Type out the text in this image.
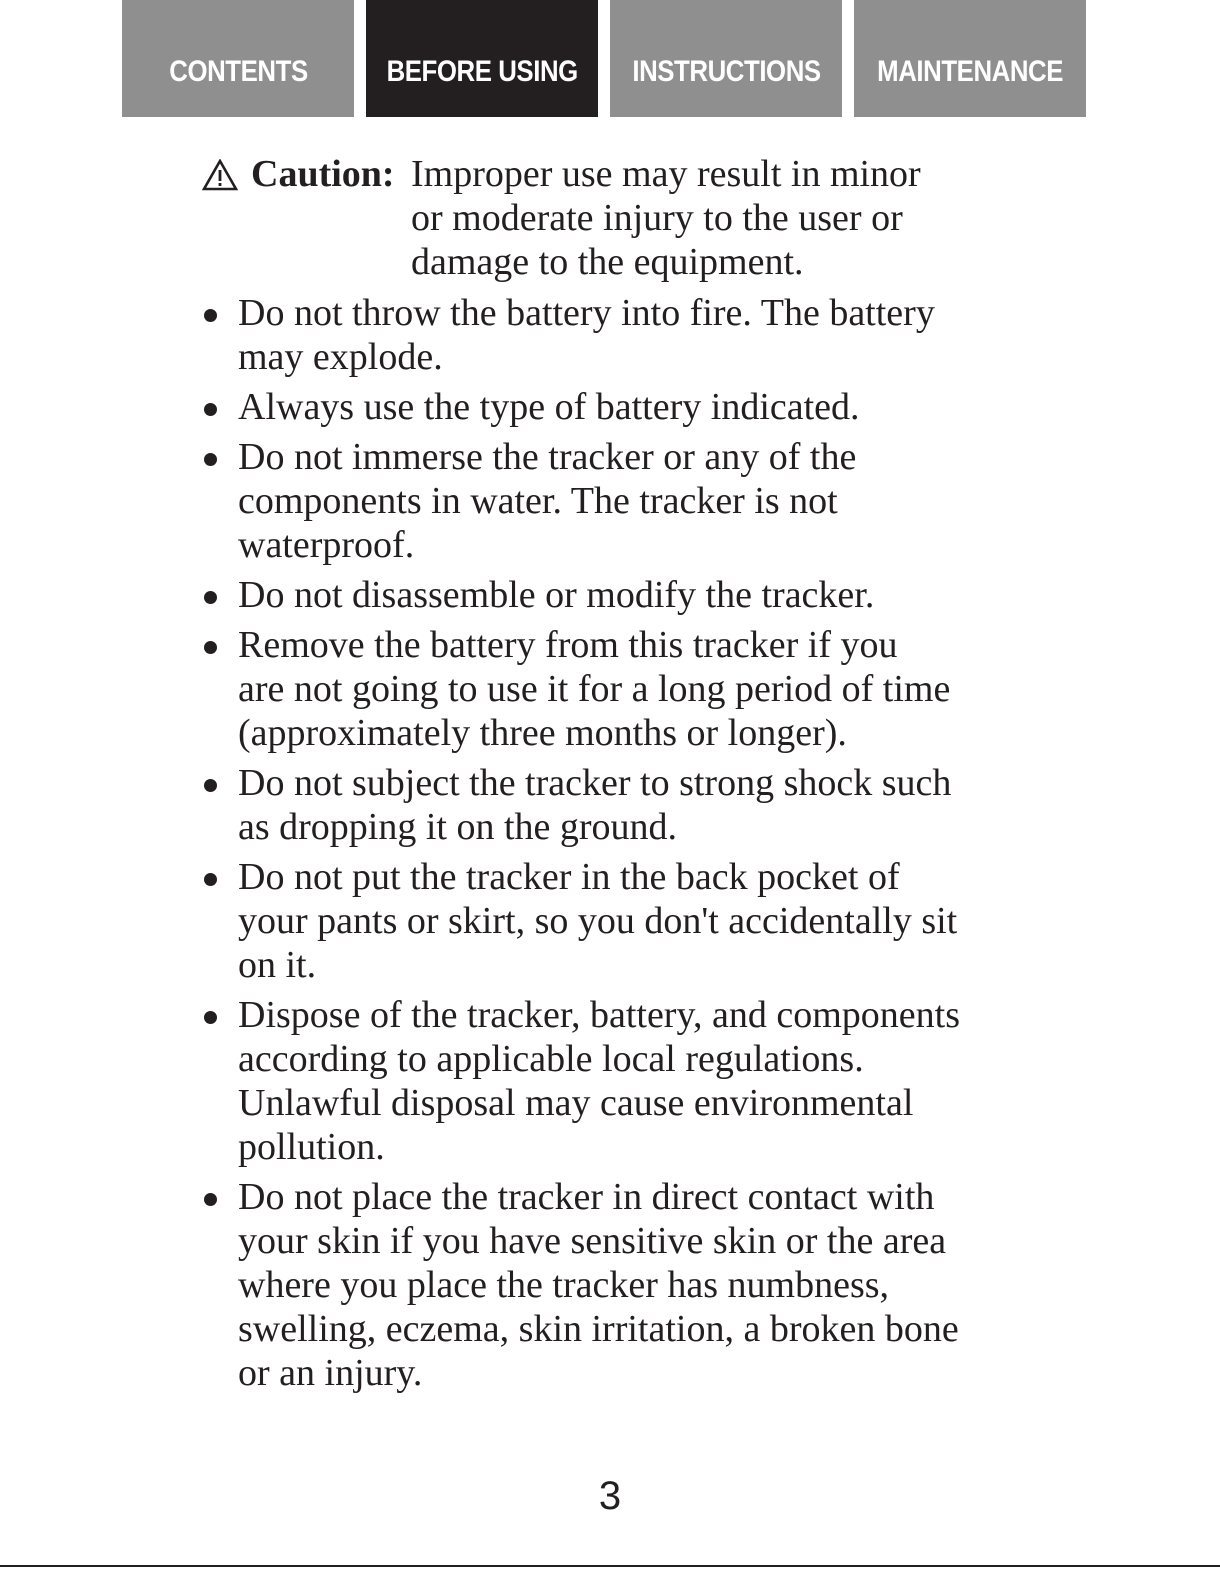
CONTENTS	BEFORE USING INSTRUCTIONS MAINTENANCE
Caution: Improper use may result in minor
or moderate injury to the user or
damage to the equipment.
Do not throw the battery into fire. The battery
may explode.
Always use the type of battery indicated.
Do not immerse the tracker or any of the
components in water. The tracker is not
waterproof.
Do not disassemble or modify the tracker.
Remove the battery from this tracker if you
are not going to use it for a long period of time
(approximately three months or longer).
Do not subject the tracker to strong shock such
as dropping it on the ground.
Do not put the tracker in the back pocket of
your pants or skirt, so you don't accidentally sit
on it.
Dispose of the tracker, battery, and components
according to applicable local regulations.
Unlawful disposal may cause environmental
pollution.
Do not place the tracker in direct contact with
your skin if you have sensitive skin or the area
where you place the tracker has numbness,
swelling, eczema, skin irritation, a broken bone
or an injury.
3
